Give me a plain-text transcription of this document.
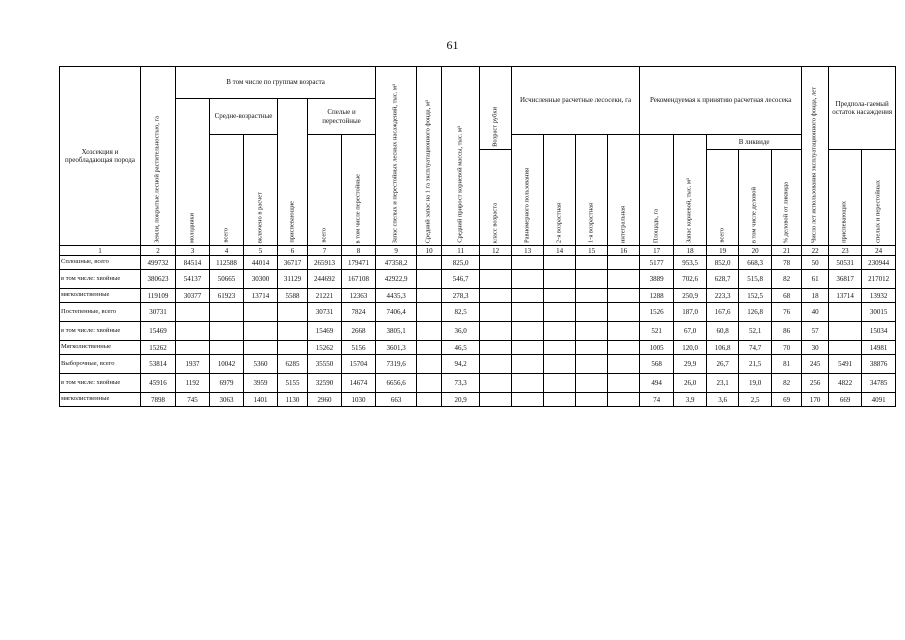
61
Хозсекция и преобладающая порода	Земли, покрытые лесной растительностью, га	В том числе по группам возраста						Запас спелых и перестойных лесных насаждений, тыс. м³	Средний запас на 1 га эксплуатационного фонда, м³	Средний прирост корневой массы, тыс. м³	Возраст рубки	Исчисленные расчетные лесосеки, га				Рекомендуемая к принятию расчетная лесосека					Число лет использования эксплуатационного фонда, лет	Предпола-гаемый остаток насаждения	

		молодняки	Средне-возрастные		приспевающие	Спелые и перестойные																	

			всего	включено в расчет		всего	в том числе перестойные					Равномерного пользования	2-я возрастная	1-я возрастная	интегральная	Площадь, га	Запас корневой, тыс. м³	В ликвиде					

											класс возраста							всего	в том числе деловой	% деловой от ликвида		приспевающих	спелых и перестойных

1	2	3	4	5	6	7	8	9	10	11	12	13	14	15	16	17	18	19	20	21	22	23	24
Сплошные, всего	499732	84514	112588	44014	36717	265913	179471	47358,2		825,0						5177	953,5	852,0	668,3	78	50	50531	230944
в том числе: хвойные	380623	54137	50665	30300	31129	244692	167108	42922,9		546,7						3889	702,6	628,7	515,8	82	61	36817	217012
мягколиственные	119109	30377	61923	13714	5588	21221	12363	4435,3		278,3						1288	250,9	223,3	152,5	68	18	13714	13932
Постепенные, всего	30731					30731	7824	7406,4		82,5						1526	187,0	167,6	126,8	76	40		30015
в том числе: хвойные	15469					15469	2668	3805,1		36,0						521	67,0	60,8	52,1	86	57		15034
Мягколиственные	15262					15262	5156	3601,3		46,5						1005	120,0	106,8	74,7	70	30		14981
Выборочные, всего	53814	1937	10042	5360	6285	35550	15704	7319,6		94,2						568	29,9	26,7	21,5	81	245	5491	38876
в том числе: хвойные	45916	1192	6979	3959	5155	32590	14674	6656,6		73,3						494	26,0	23,1	19,0	82	256	4822	34785
мягколиственные	7898	745	3063	1401	1130	2960	1030	663		20,9						74	3,9	3,6	2,5	69	170	669	4091
